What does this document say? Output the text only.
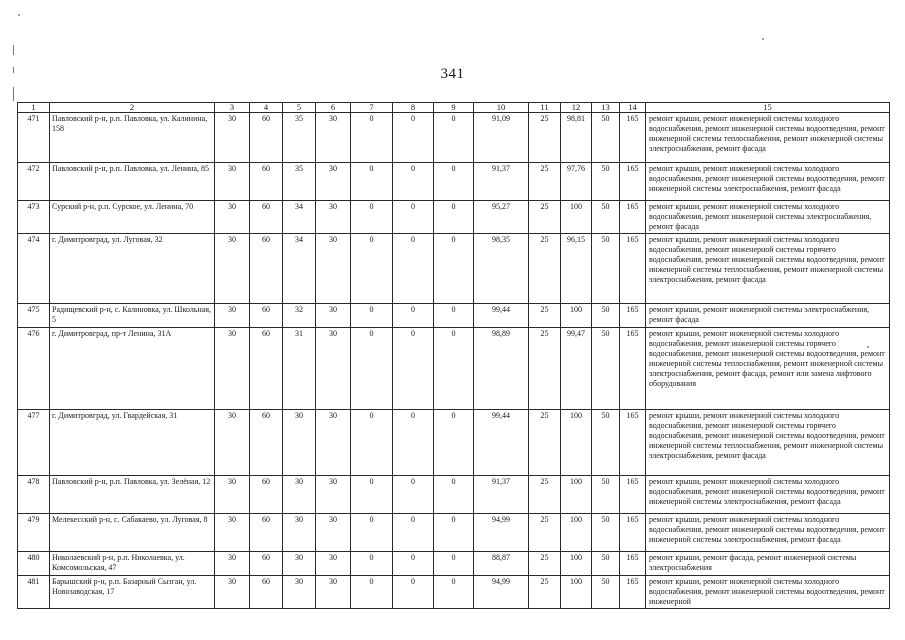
341
1	2	3	4	5	6	7	8	9	10	11	12	13	14	15
471	Павловский р-н, р.п. Павловка, ул. Калинина, 158	30	60	35	30	0	0	0	91,09	25	98,81	50	165	ремонт крыши, ремонт инженерной системы холодного водоснабжения, ремонт инженерной системы водоотведения, ремонт инженерной системы теплоснабжения, ремонт инженерной системы электроснабжения, ремонт фасада
472	Павловский р-н, р.п. Павловка, ул. Ленина, 85	30	60	35	30	0	0	0	91,37	25	97,76	50	165	ремонт крыши, ремонт инженерной системы холодного водоснабжения, ремонт инженерной системы водоотведения, ремонт инженерной системы электроснабжения, ремонт фасада
473	Сурский р-н, р.п. Сурское, ул. Ленина, 70	30	60	34	30	0	0	0	95,27	25	100	50	165	ремонт крыши, ремонт инженерной системы холодного водоснабжения, ремонт инженерной системы электроснабжения, ремонт фасада
474	г. Димитровград, ул. Луговая, 32	30	60	34	30	0	0	0	98,35	25	96,15	50	165	ремонт крыши, ремонт инженерной системы холодного водоснабжения, ремонт инженерной системы горячего водоснабжения, ремонт инженерной системы водоотведения, ремонт инженерной системы теплоснабжения, ремонт инженерной системы электроснабжения, ремонт фасада
475	Радищевский р-н, с. Калиновка, ул. Школьная, 5	30	60	32	30	0	0	0	99,44	25	100	50	165	ремонт крыши, ремонт инженерной системы электроснабжения, ремонт фасада
476	г. Димитровград, пр-т Ленина, 31А	30	60	31	30	0	0	0	98,89	25	99,47	50	165	ремонт крыши, ремонт инженерной системы холодного водоснабжения, ремонт инженерной системы горячего водоснабжения, ремонт инженерной системы водоотведения, ремонт инженерной системы теплоснабжения, ремонт инженерной системы электроснабжения, ремонт фасада, ремонт или замена лифтового оборудования
477	г. Димитровград, ул. Гвардейская, 31	30	60	30	30	0	0	0	99,44	25	100	50	165	ремонт крыши, ремонт инженерной системы холодного водоснабжения, ремонт инженерной системы горячего водоснабжения, ремонт инженерной системы водоотведения, ремонт инженерной системы теплоснабжения, ремонт инженерной системы электроснабжения, ремонт фасада
478	Павловский р-н, р.п. Павловка, ул. Зелёная, 12	30	60	30	30	0	0	0	91,37	25	100	50	165	ремонт крыши, ремонт инженерной системы холодного водоснабжения, ремонт инженерной системы водоотведения, ремонт инженерной системы электроснабжения, ремонт фасада
479	Мелекесский р-н, с. Сабакаево, ул. Луговая, 8	30	60	30	30	0	0	0	94,99	25	100	50	165	ремонт крыши, ремонт инженерной системы холодного водоснабжения, ремонт инженерной системы водоотведения, ремонт инженерной системы электроснабжения, ремонт фасада
480	Николаевский р-н, р.п. Николаевка, ул. Комсомольская, 47	30	60	30	30	0	0	0	88,87	25	100	50	165	ремонт крыши, ремонт фасада, ремонт инженерной системы электроснабжения
481	Барышский р-н, р.п. Базарный Сызган, ул. Новозаводская, 17	30	60	30	30	0	0	0	94,99	25	100	50	165	ремонт крыши, ремонт инженерной системы холодного водоснабжения, ремонт инженерной системы водоотведения, ремонт инженерной
